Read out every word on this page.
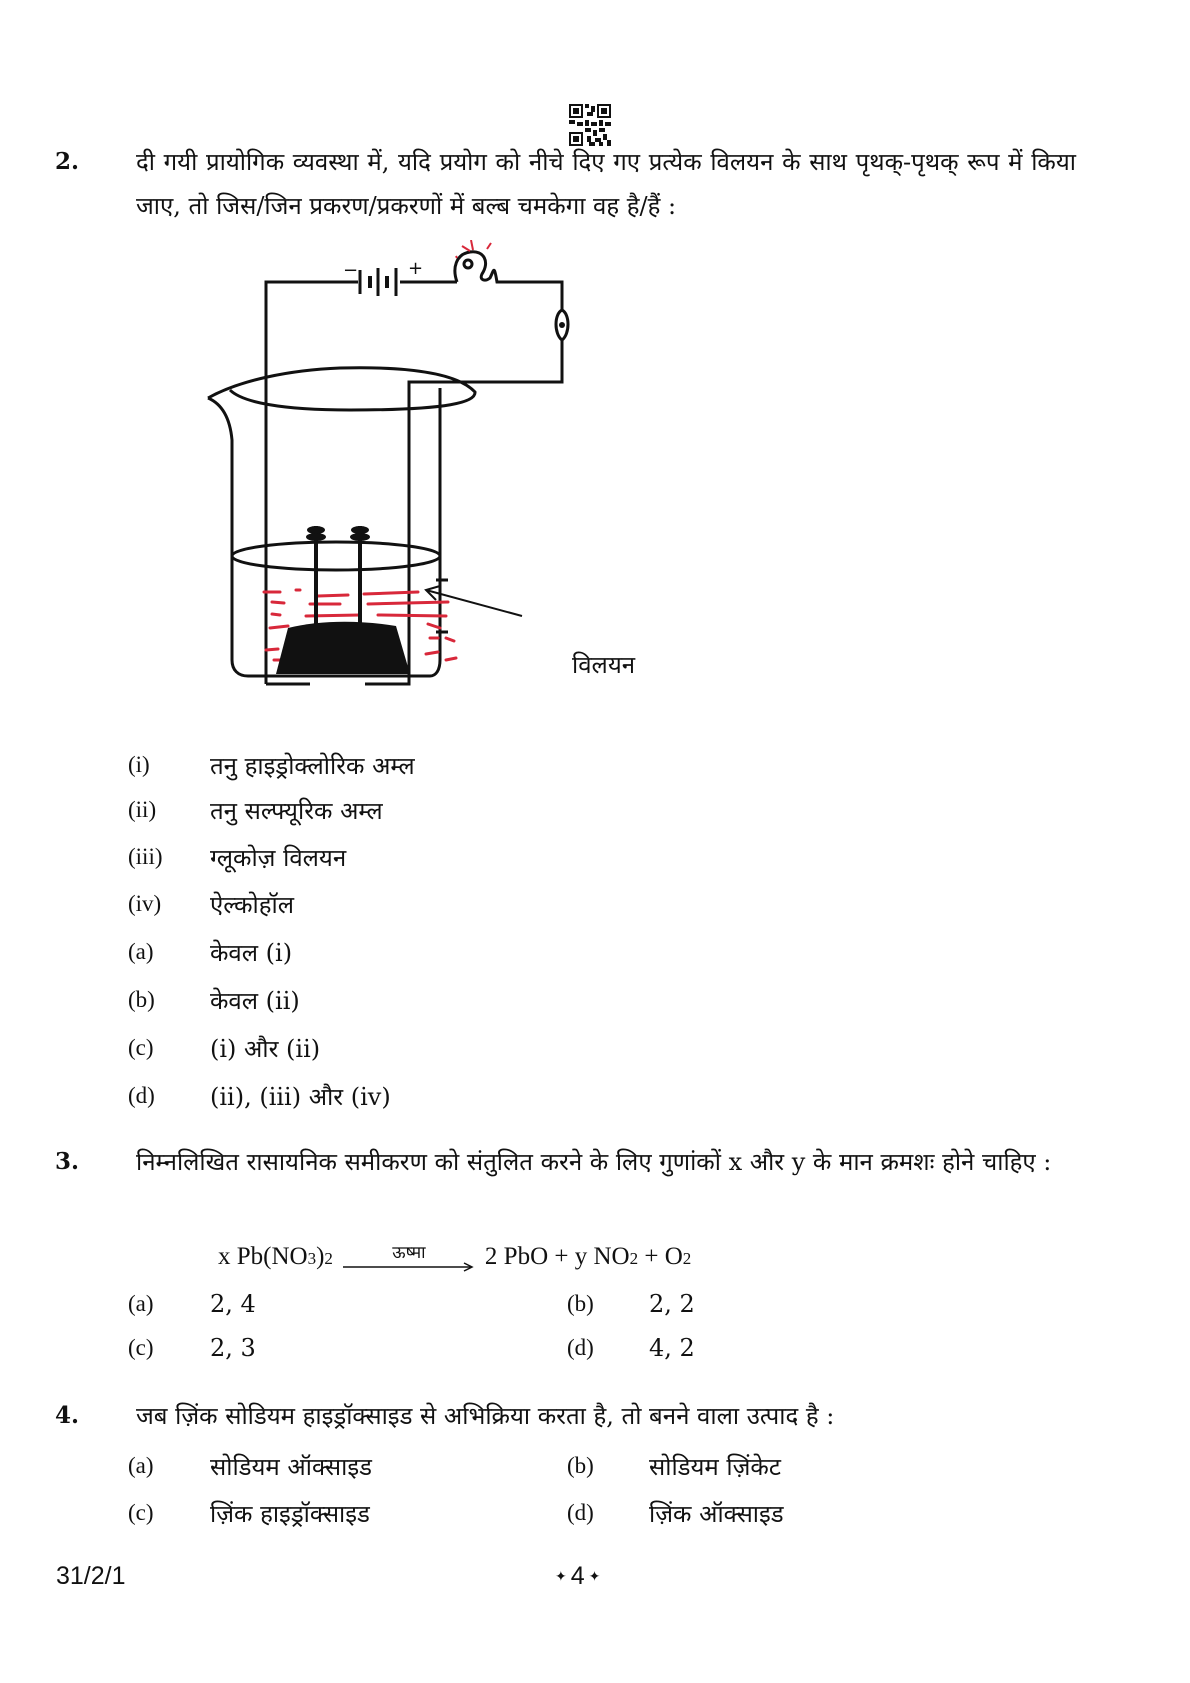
2. दी गयी प्रायोगिक व्यवस्था में, यदि प्रयोग को नीचे दिए गए प्रत्येक विलयन के साथ पृथक्-पृथक् रूप में किया जाए, तो जिस/जिन प्रकरण/प्रकरणों में बल्ब चमकेगा वह है/हैं :
−	+
विलयन
(i)	तनु हाइड्रोक्लोरिक अम्ल
(ii)	तनु सल्फ्यूरिक अम्ल
(iii)	ग्लूकोज़ विलयन
(iv)	ऐल्कोहॉल
(a)	केवल (i)
(b)	केवल (ii)
(c)	(i) और (ii)
(d)	(ii), (iii) और (iv)
3. निम्नलिखित रासायनिक समीकरण को संतुलित करने के लिए गुणांकों x और y के मान क्रमशः होने चाहिए :
x Pb(NO 3 ) 2	ऊष्मा 2 PbO + y NO 2 + O 2
(a)	2, 4	(b)	2, 2
(c)	2, 3	(d)	4, 2
4. जब ज़िंक सोडियम हाइड्रॉक्साइड से अभिक्रिया करता है, तो बनने वाला उत्पाद है :
(a)	सोडियम ऑक्साइड	(b)	सोडियम ज़िंकेट
(c)	ज़िंक हाइड्रॉक्साइड	(d)	ज़िंक ऑक्साइड
31/2/1	✦ 4 ✦
